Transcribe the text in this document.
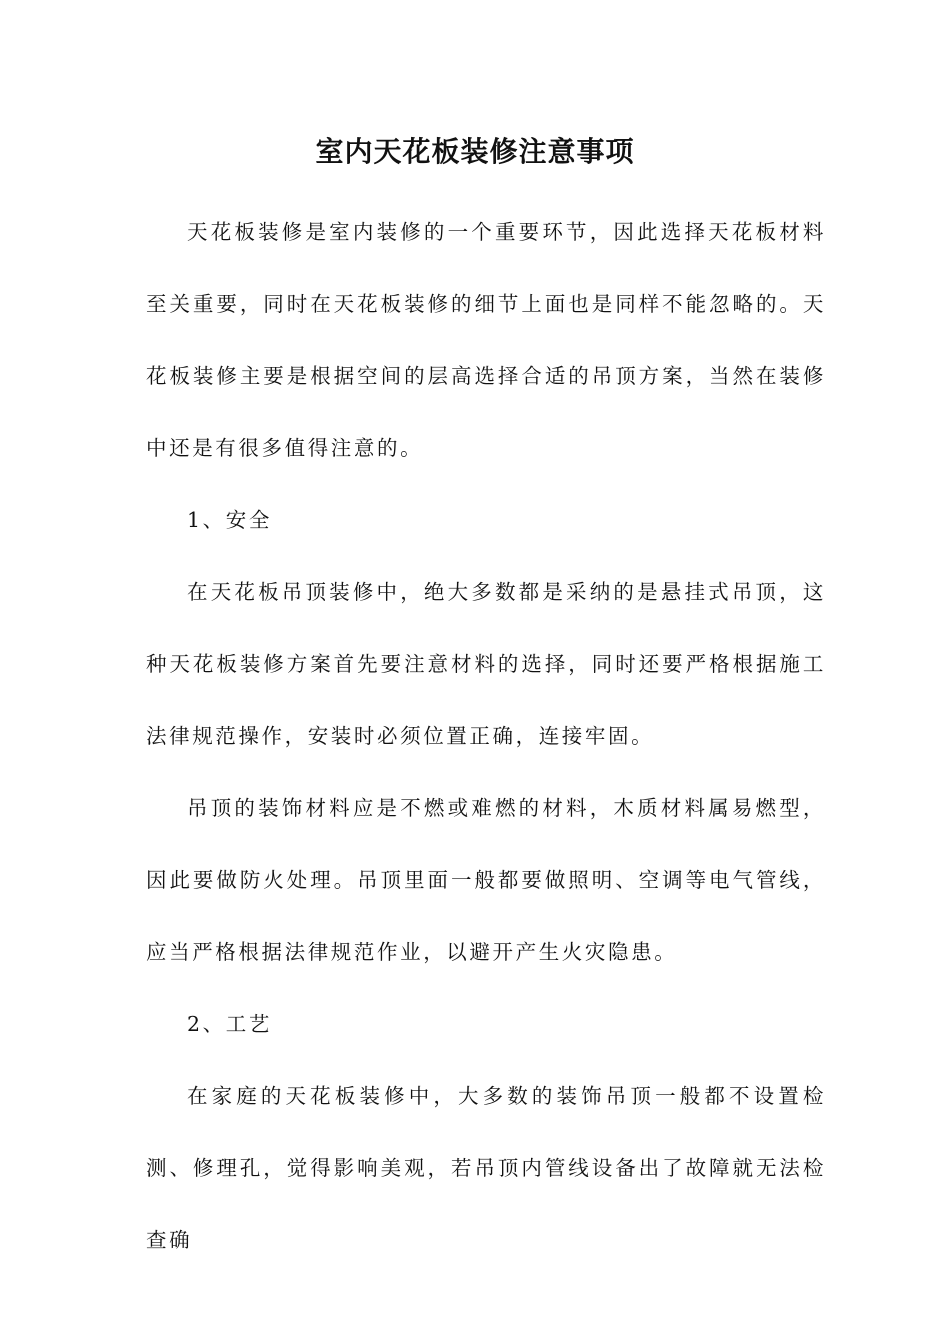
室内天花板装修注意事项

天花板装修是室内装修的一个重要环节，因此选择天花板材料至关重要，同时在天花板装修的细节上面也是同样不能忽略的。天花板装修主要是根据空间的层高选择合适的吊顶方案，当然在装修中还是有很多值得注意的。

1、安全

在天花板吊顶装修中，绝大多数都是采纳的是悬挂式吊顶，这种天花板装修方案首先要注意材料的选择，同时还要严格根据施工法律规范操作，安装时必须位置正确，连接牢固。

吊顶的装饰材料应是不燃或难燃的材料，木质材料属易燃型，因此要做防火处理。吊顶里面一般都要做照明、空调等电气管线，应当严格根据法律规范作业，以避开产生火灾隐患。

2、工艺

在家庭的天花板装修中，大多数的装饰吊顶一般都不设置检测、修理孔，觉得影响美观，若吊顶内管线设备出了故障就无法检查确
